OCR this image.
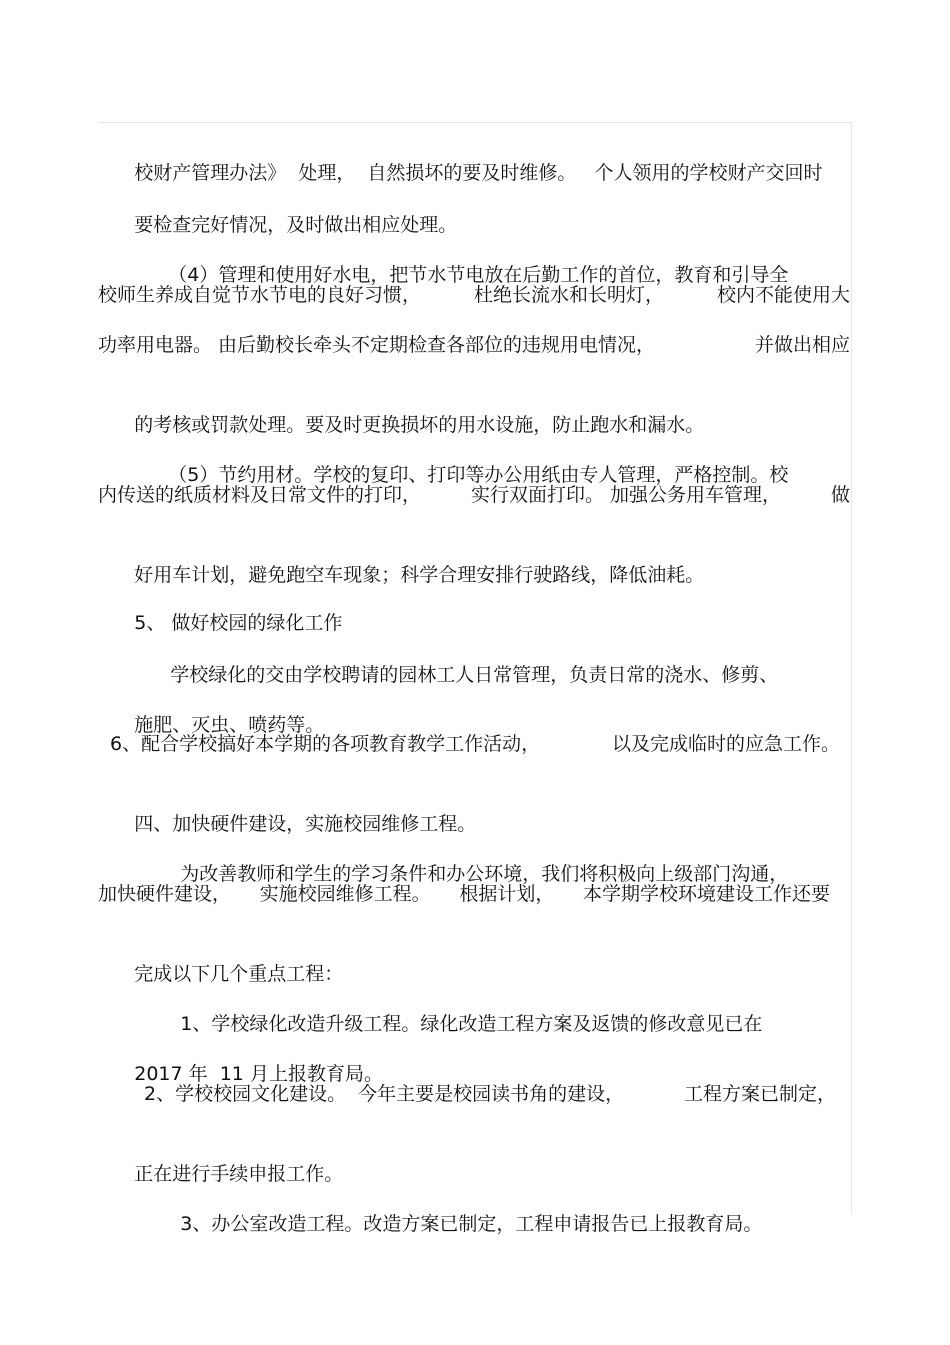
校财产管理办法》  处理，  自然损坏的要及时维修。   个人领用的学校财产交回时

要检查完好情况，及时做出相应处理。

（4）管理和使用好水电，把节水节电放在后勤工作的首位，教育和引导全

校师生养成自觉节水节电的良好习惯，	杜绝长流水和长明灯，	校内不能使用大
功率用电器。 由后勤校长牵头不定期检查各部位的违规用电情况，	并做出相应

的考核或罚款处理。要及时更换损坏的用水设施，防止跑水和漏水。

（5）节约用材。学校的复印、打印等办公用纸由专人管理，严格控制。校

内传送的纸质材料及日常文件的打印，	实行双面打印。 加强公务用车管理，	做

好用车计划，避免跑空车现象；科学合理安排行驶路线，降低油耗。

5、 做好校园的绿化工作

学校绿化的交由学校聘请的园林工人日常管理，负责日常的浇水、修剪、

施肥、灭虫、喷药等。

6、配合学校搞好本学期的各项教育教学工作活动，	以及完成临时的应急工作。

四、加快硬件建设，实施校园维修工程。

为改善教师和学生的学习条件和办公环境，我们将积极向上级部门沟通，

加快硬件建设， 实施校园维修工程。 根据计划， 本学期学校环境建设工作还要

完成以下几个重点工程：

1、学校绿化改造升级工程。绿化改造工程方案及返馈的修改意见已在

2017 年  11 月上报教育局。

2、学校校园文化建设。  今年主要是校园读书角的建设，	工程方案已制定，

正在进行手续申报工作。

3、办公室改造工程。改造方案已制定，工程申请报告已上报教育局。
